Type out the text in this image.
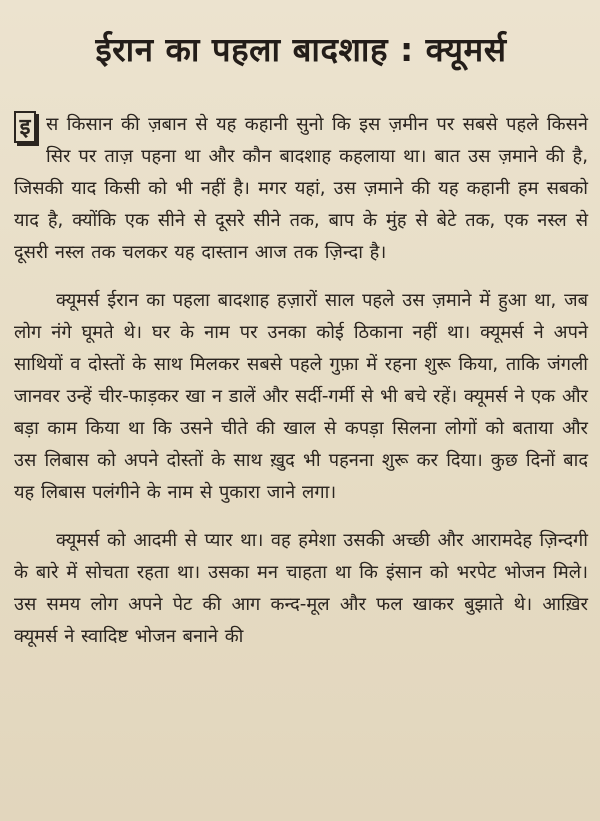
ईरान का पहला बादशाह : क्यूमर्स

इ स किसान की ज़बान से यह कहानी सुनो कि इस ज़मीन पर सबसे पहले किसने सिर पर ताज़ पहना था और कौन बादशाह कहलाया था। बात उस ज़माने की है, जिसकी याद किसी को भी नहीं है। मगर यहां, उस ज़माने की यह कहानी हम सबको याद है, क्योंकि एक सीने से दूसरे सीने तक, बाप के मुंह से बेटे तक, एक नस्ल से दूसरी नस्ल तक चलकर यह दास्तान आज तक ज़िन्दा है।

क्यूमर्स ईरान का पहला बादशाह हज़ारों साल पहले उस ज़माने में हुआ था, जब लोग नंगे घूमते थे। घर के नाम पर उनका कोई ठिकाना नहीं था। क्यूमर्स ने अपने साथियों व दोस्तों के साथ मिलकर सबसे पहले गुफ़ा में रहना शुरू किया, ताकि जंगली जानवर उन्हें चीर-फाड़कर खा न डालें और सर्दी-गर्मी से भी बचे रहें। क्यूमर्स ने एक और बड़ा काम किया था कि उसने चीते की खाल से कपड़ा सिलना लोगों को बताया और उस लिबास को अपने दोस्तों के साथ ख़ुद भी पहनना शुरू कर दिया। कुछ दिनों बाद यह लिबास पलंगीने के नाम से पुकारा जाने लगा।

क्यूमर्स को आदमी से प्यार था। वह हमेशा उसकी अच्छी और आरामदेह ज़िन्दगी के बारे में सोचता रहता था। उसका मन चाहता था कि इंसान को भरपेट भोजन मिले। उस समय लोग अपने पेट की आग कन्द-मूल और फल खाकर बुझाते थे। आख़िर क्यूमर्स ने स्वादिष्ट भोजन बनाने की
